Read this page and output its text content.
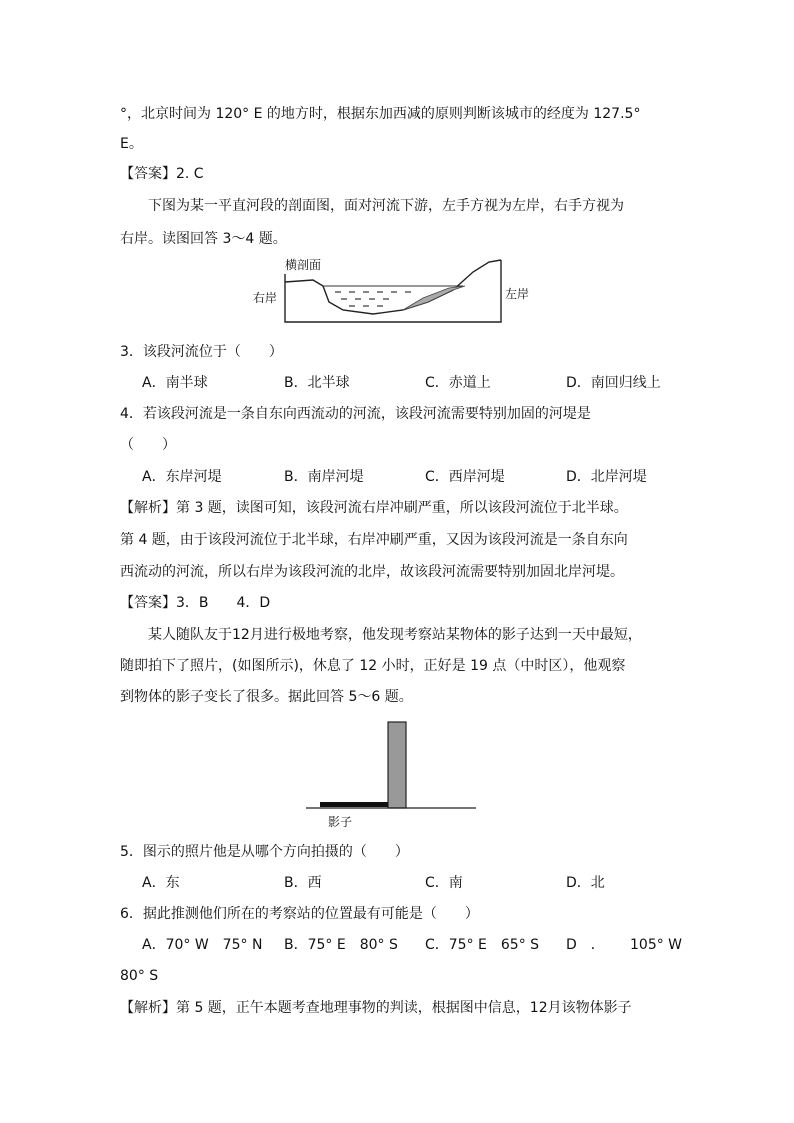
°，北京时间为 120° E 的地方时，根据东加西减的原则判断该城市的经度为 127.5°
E。
【答案】2. C
下图为某一平直河段的剖面图，面对河流下游，左手方视为左岸，右手方视为
右岸。读图回答 3～4 题。
横剖面
右岸	左岸
3．该段河流位于（　　）
A．南半球	B．北半球	C．赤道上	D．南回归线上
4．若该段河流是一条自东向西流动的河流，该段河流需要特别加固的河堤是
（　　）
A．东岸河堤	B．南岸河堤	C．西岸河堤	D．北岸河堤
【解析】第 3 题，读图可知，该段河流右岸冲刷严重，所以该段河流位于北半球。
第 4 题，由于该段河流位于北半球，右岸冲刷严重，又因为该段河流是一条自东向
西流动的河流，所以右岸为该段河流的北岸，故该段河流需要特别加固北岸河堤。
【答案】3．B　　4．D
某人随队友于12月进行极地考察，他发现考察站某物体的影子达到一天中最短，
随即拍下了照片，(如图所示)，休息了 12 小时，正好是 19 点（中时区），他观察
到物体的影子变长了很多。据此回答 5～6 题。
影子
5．图示的照片他是从哪个方向拍摄的（　　）
A．东	B．西	C．南	D．北
6．据此推测他们所在的考察站的位置最有可能是（　　）
A．70° W　75° N B．75° E　80° S C．75° E　65° S D　． 105° W
80° S
【解析】第 5 题，正午本题考查地理事物的判读，根据图中信息，12月该物体影子
